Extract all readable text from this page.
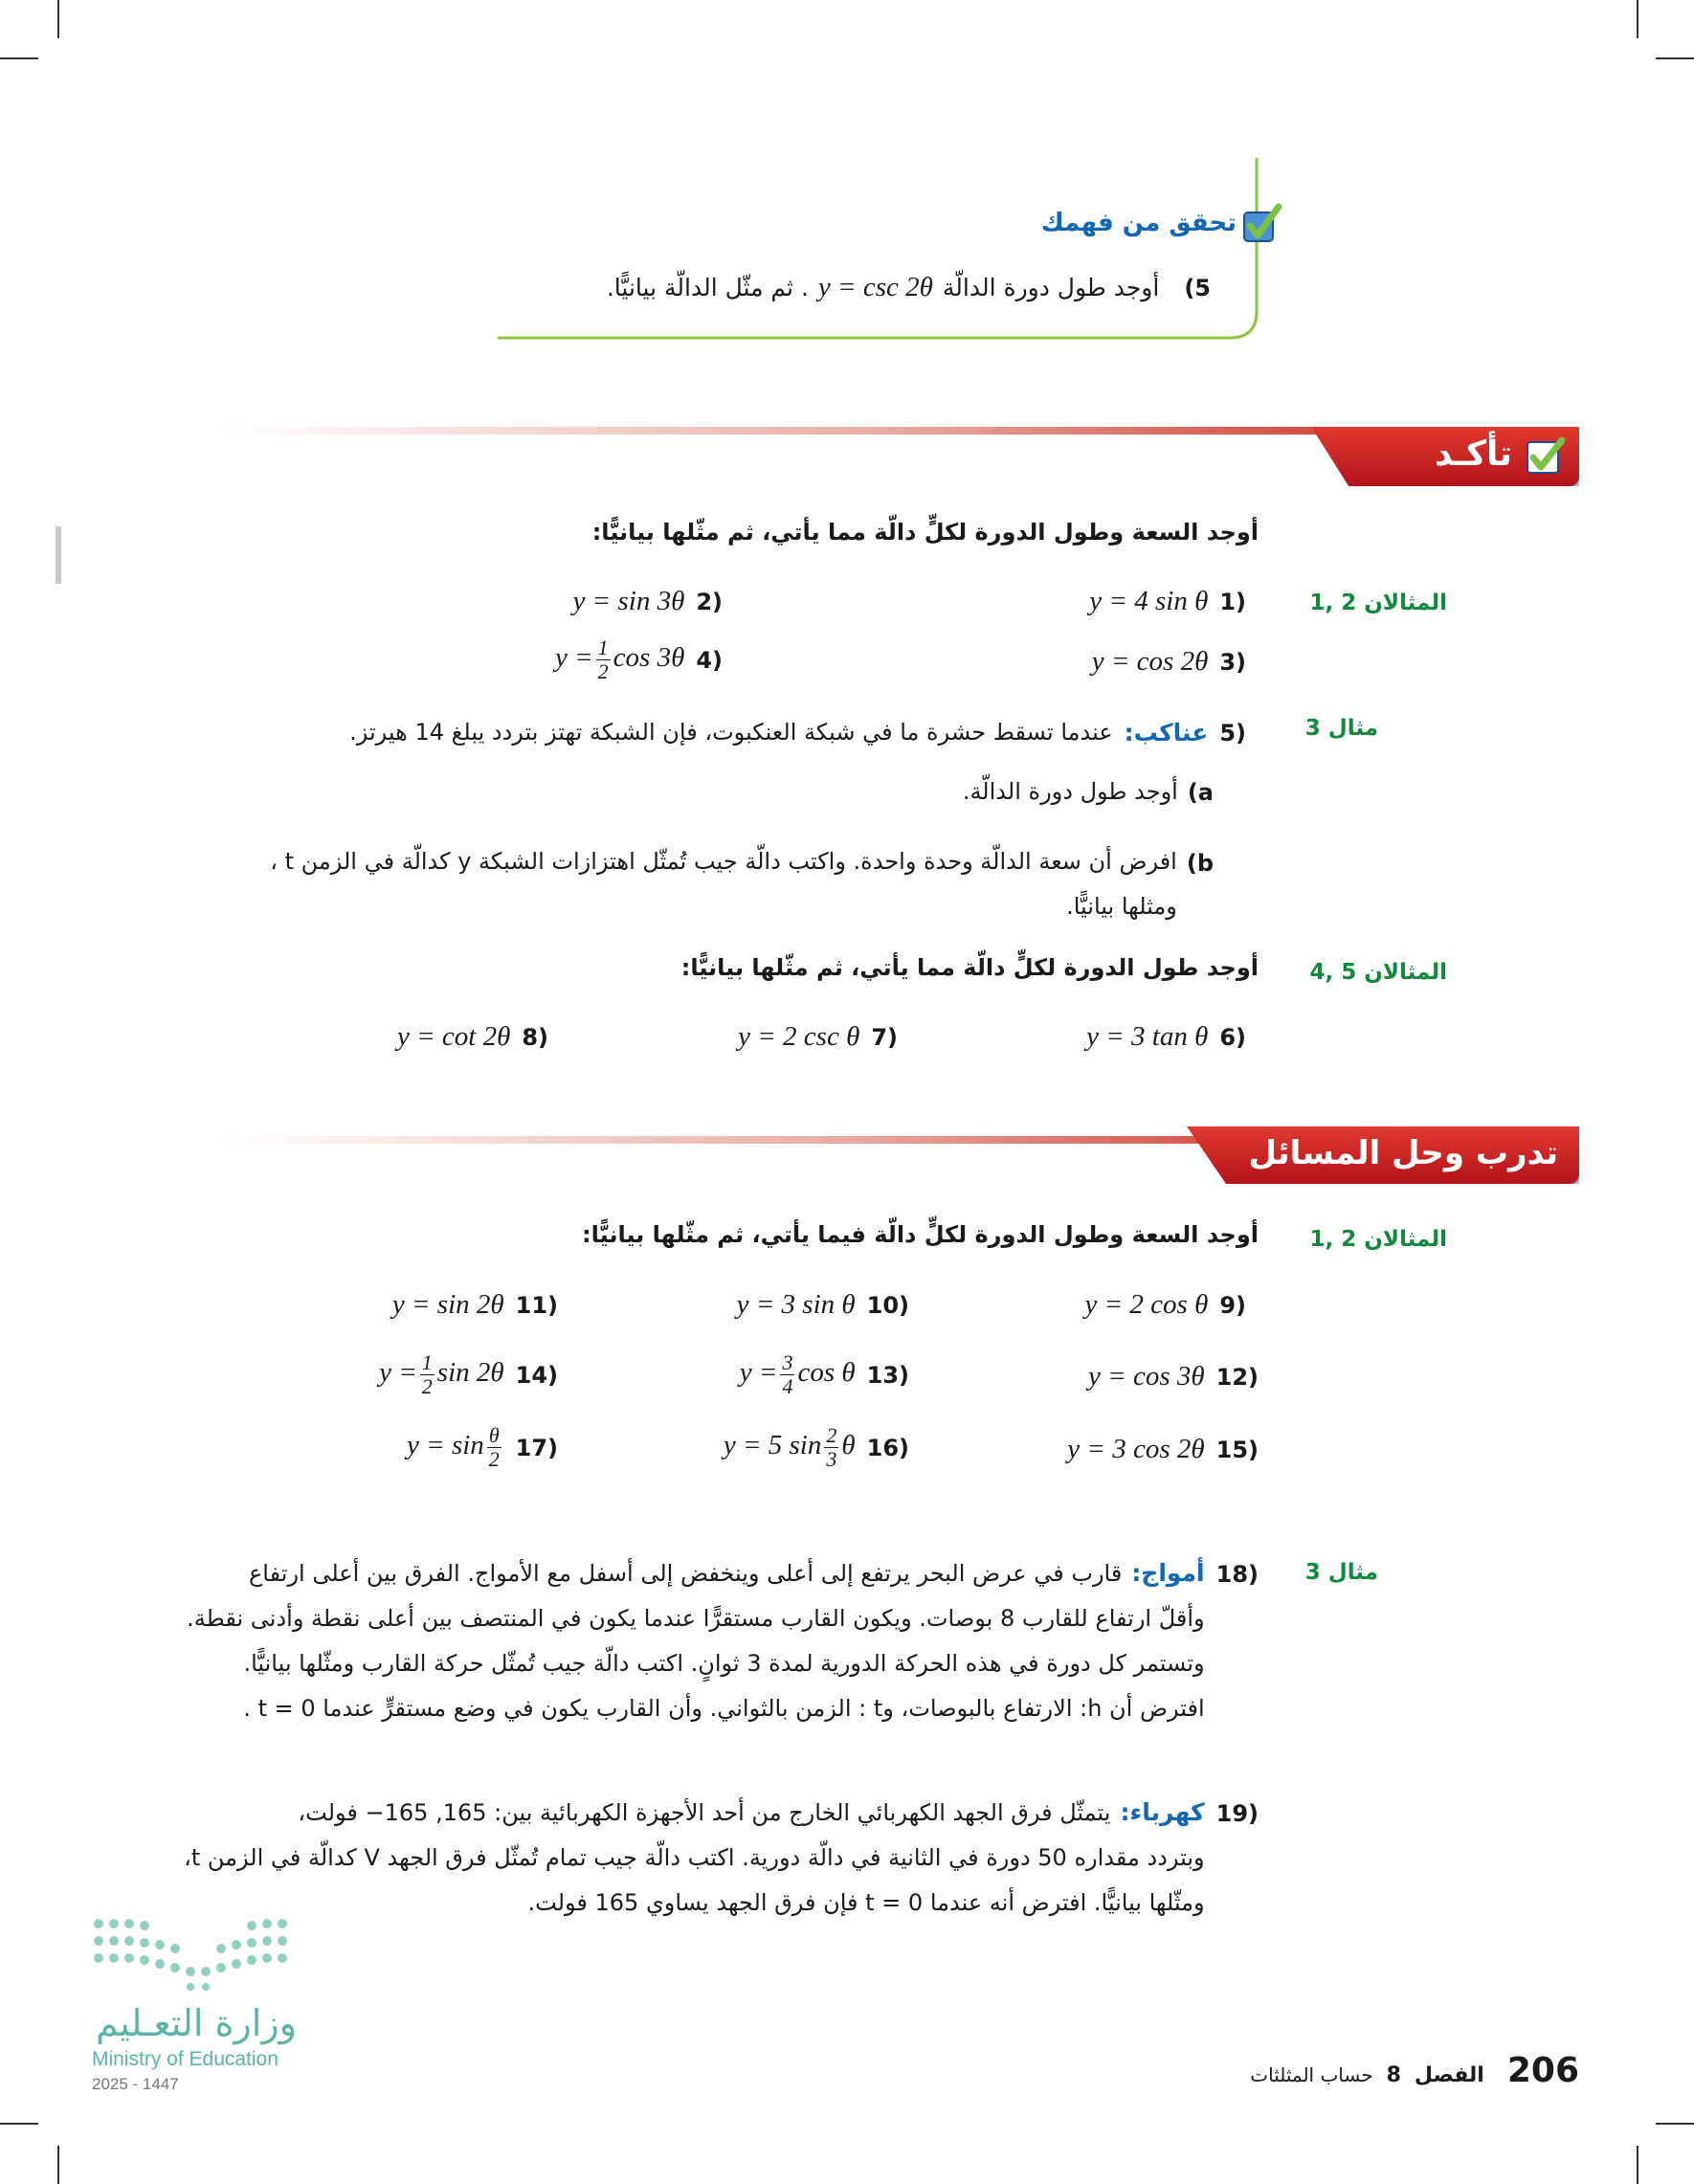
تحقق من فهمك
5)
أوجد طول دورة الدالّة
y = csc 2θ
. ثم مثّل الدالّة بيانيًّا.
تأكـد
أوجد السعة وطول الدورة لكلٍّ دالّة مما يأتي، ثم مثّلها بيانيًّا:
المثالان 2 ,1
(1
y = 4 sin θ
(2
y = sin 3θ
(3
y = cos 2θ
(4
$y = \frac{1}{2}$ cos 3θ
مثال 3
(5
عناكب:
عندما تسقط حشرة ما في شبكة العنكبوت، فإن الشبكة تهتز بتردد يبلغ 14 هيرتز.
a)
أوجد طول دورة الدالّة.
b)
افرض أن سعة الدالّة وحدة واحدة. واكتب دالّة جيب تُمثّل اهتزازات الشبكة y كدالّة في الزمن t ،
ومثلها بيانيًّا.
المثالان 5 ,4
أوجد طول الدورة لكلٍّ دالّة مما يأتي، ثم مثّلها بيانيًّا:
(6
y = 3 tan θ
(7
y = 2 csc θ
(8
y = cot 2θ
تدرب وحل المسائل
المثالان 2 ,1
أوجد السعة وطول الدورة لكلٍّ دالّة فيما يأتي، ثم مثّلها بيانيًّا:
(9
y = 2 cos θ
(10
y = 3 sin θ
(11
y = sin 2θ
(12
y = cos 3θ
(13
$y = \frac{3}{4}$ cos θ
(14
$y = \frac{1}{2}$ sin 2θ
(15
y = 3 cos 2θ
(16
y = 5 $\sin \frac{2}{3}$ θ
(17
$y = \sin \frac{\theta}{2}$
مثال 3
(18
أمواج:قارب في عرض البحر يرتفع إلى أعلى وينخفض إلى أسفل مع الأمواج. الفرق بين أعلى ارتفاع
وأقلّ ارتفاع للقارب 8 بوصات. ويكون القارب مستقرًّا عندما يكون في المنتصف بين أعلى نقطة وأدنى نقطة.
وتستمر كل دورة في هذه الحركة الدورية لمدة 3 ثوانٍ. اكتب دالّة جيب تُمثّل حركة القارب ومثّلها بيانيًّا.
افترض أن h: الارتفاع بالبوصات، وt : الزمن بالثواني. وأن القارب يكون في وضع مستقرٍّ عندما t = 0 .
(19
كهرباء:يتمثّل فرق الجهد الكهربائي الخارج من أحد الأجهزة الكهربائية بين: 165, 165− فولت،
وبتردد مقداره 50 دورة في الثانية في دالّة دورية. اكتب دالّة جيب تمام تُمثّل فرق الجهد V كدالّة في الزمن t،
ومثّلها بيانيًّا. افترض أنه عندما t = 0 فإن فرق الجهد يساوي 165 فولت.
وزارة التعـليم
Ministry of Education
2025 - 1447	206
الفصل
8
حساب المثلثات
